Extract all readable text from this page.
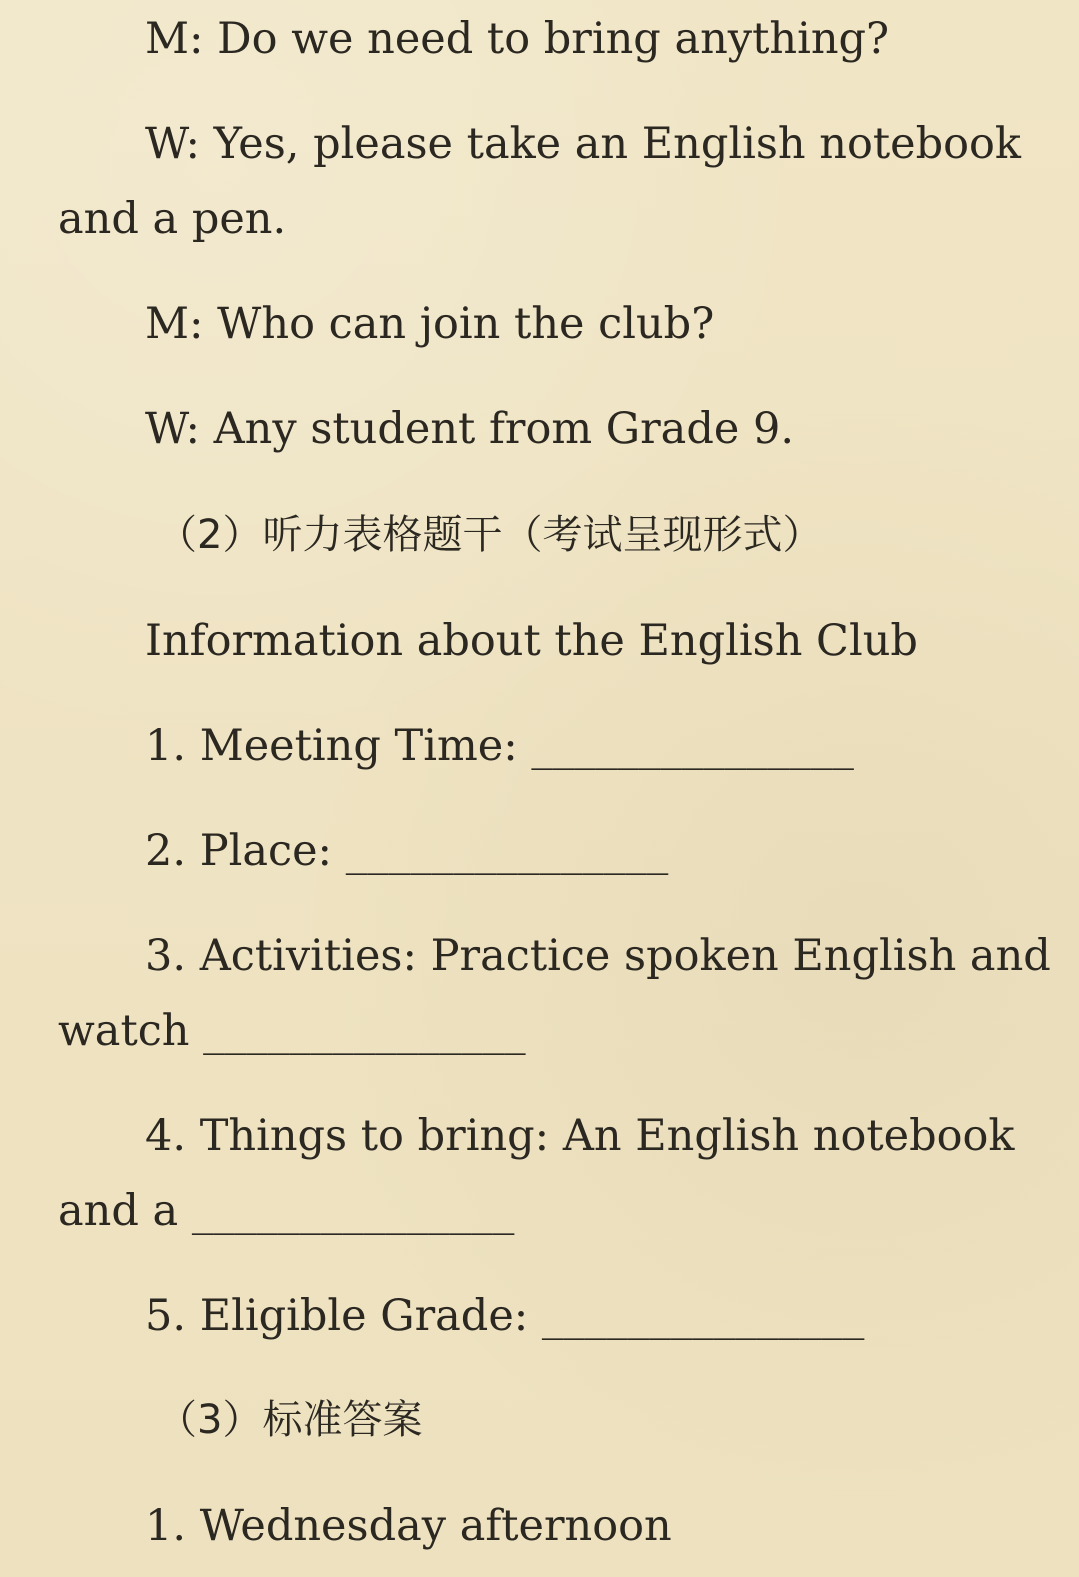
M: Do we need to bring anything?
W: Yes, please take an English notebook
and a pen.
M: Who can join the club?
W: Any student from Grade 9.
（2）听力表格题干（考试呈现形式）
Information about the English Club
1. Meeting Time: _______________
2. Place: _______________
3. Activities: Practice spoken English and
watch _______________
4. Things to bring: An English notebook
and a _______________
5. Eligible Grade: _______________
（3）标准答案
1. Wednesday afternoon
